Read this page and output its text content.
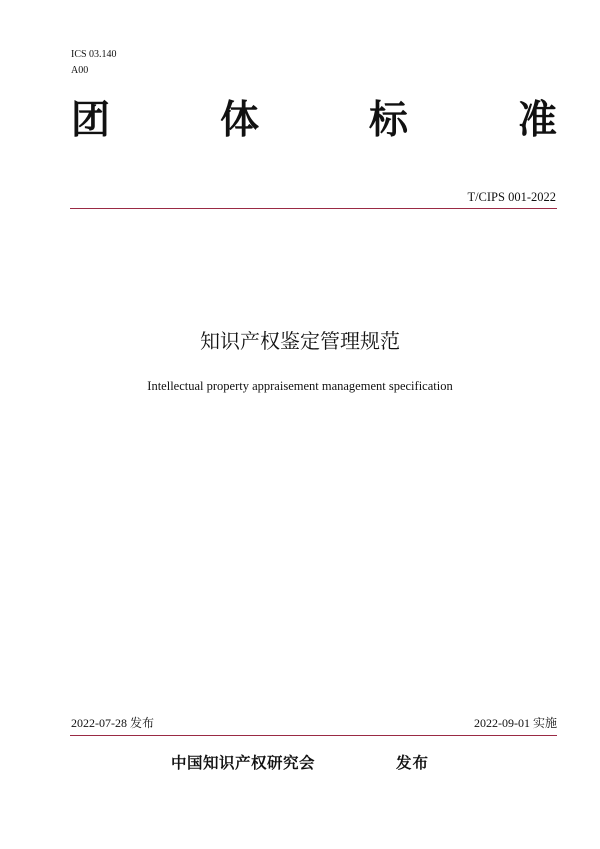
ICS 03.140
A00
团	体	标	准
T/CIPS 001-2022
知识产权鉴定管理规范
Intellectual property appraisement management specification
2022-07-28 发布	2022-09-01 实施
中国知识产权研究会	发布
